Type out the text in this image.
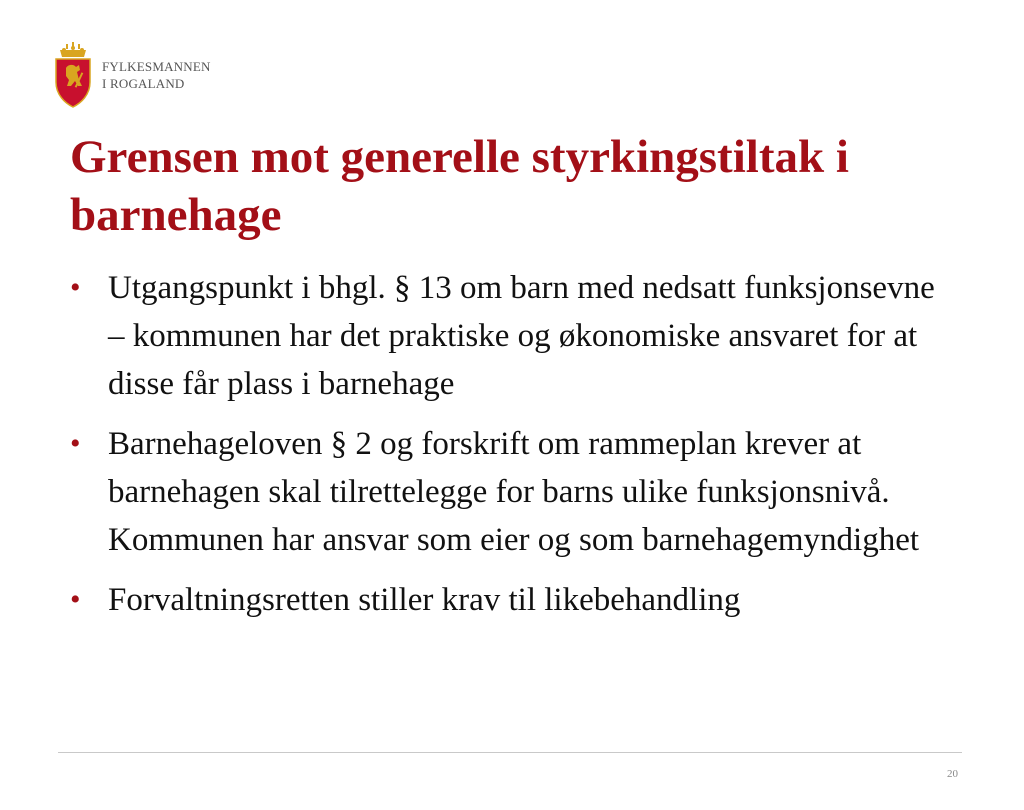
FYLKESMANNEN
I ROGALAND
Grensen mot generelle styrkingstiltak i barnehage
• Utgangspunkt i bhgl. § 13 om barn med nedsatt funksjonsevne – kommunen har det praktiske og økonomiske ansvaret for at disse får plass i barnehage
• Barnehageloven § 2 og forskrift om rammeplan krever at barnehagen skal tilrettelegge for barns ulike funksjonsnivå. Kommunen har ansvar som eier og som barnehagemyndighet
• Forvaltningsretten stiller krav til likebehandling
20
